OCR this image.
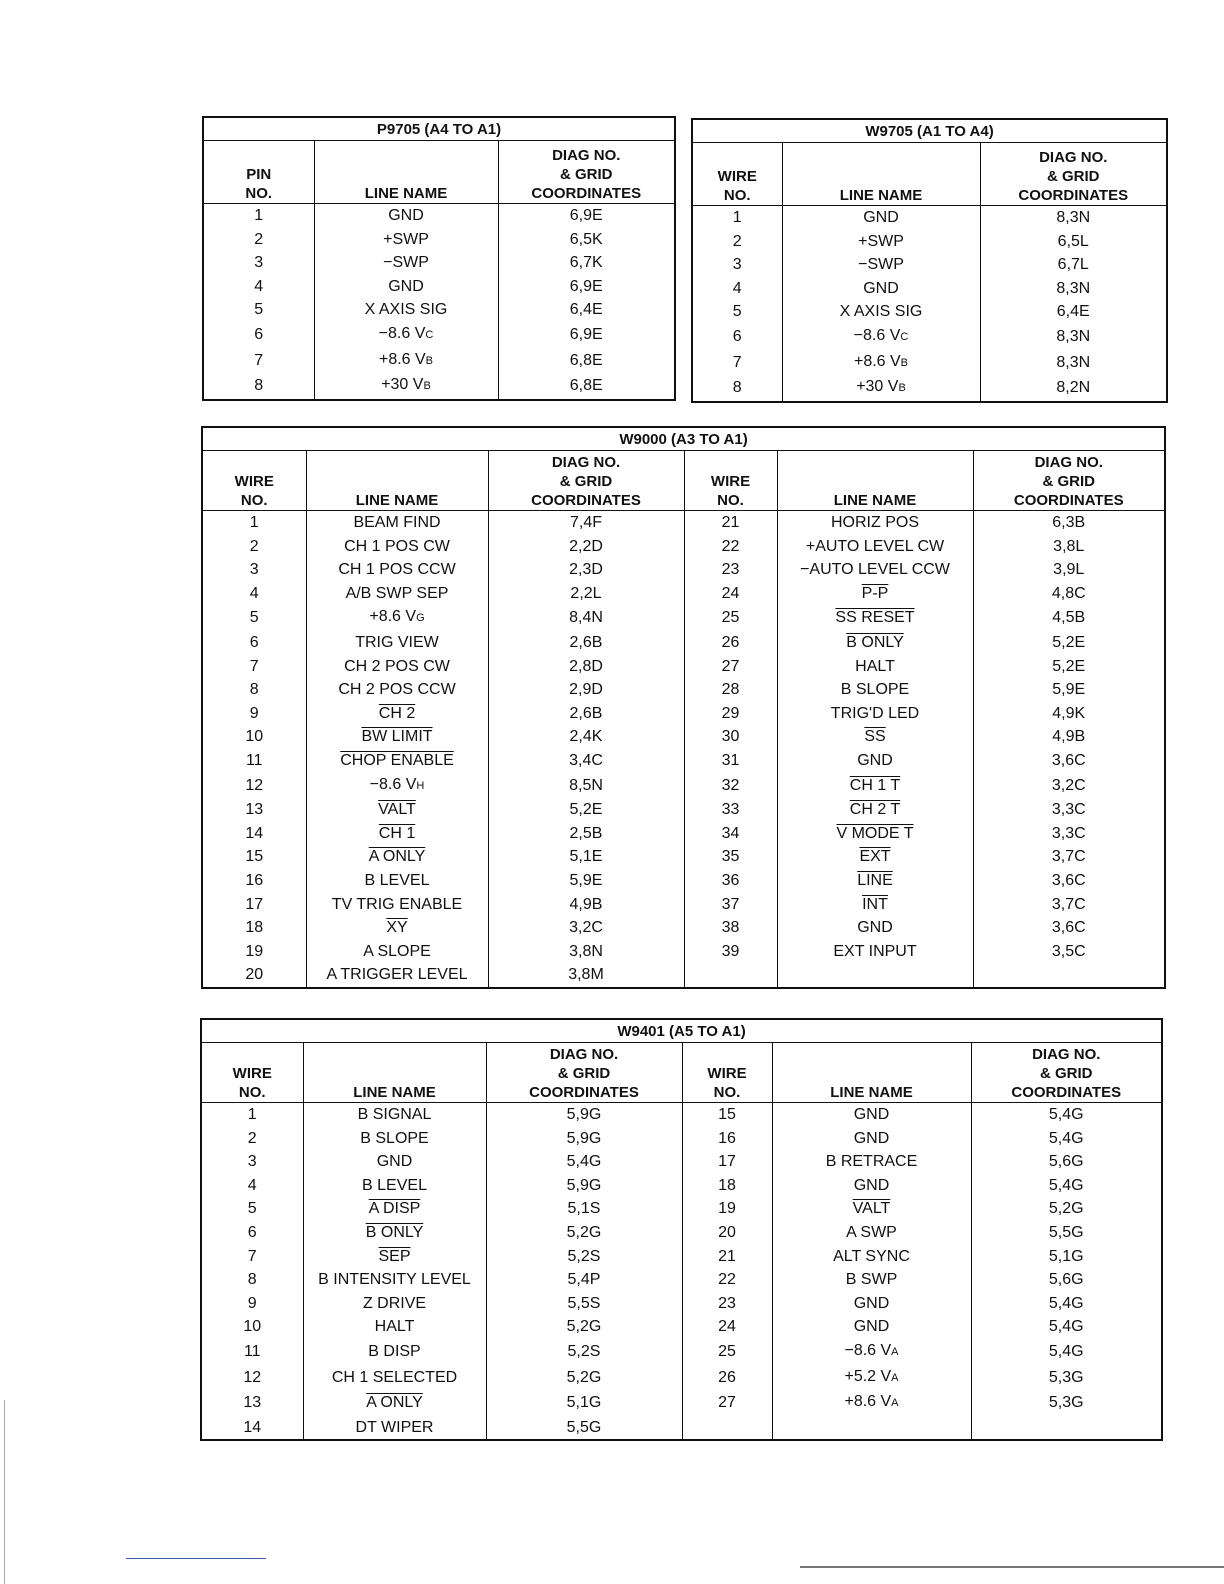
P9705 (A4 TO A1)		
PIN
NO.	LINE NAME	DIAG NO.
& GRID
COORDINATES
1	GND	6,9E
2	+SWP	6,5K
3	−SWP	6,7K
4	GND	6,9E
5	X AXIS SIG	6,4E
6	−8.6 VC	6,9E
7	+8.6 VB	6,8E
8	+30 VB	6,8E
W9705 (A1 TO A4)		
WIRE
NO.	LINE NAME	DIAG NO.
& GRID
COORDINATES
1	GND	8,3N
2	+SWP	6,5L
3	−SWP	6,7L
4	GND	8,3N
5	X AXIS SIG	6,4E
6	−8.6 VC	8,3N
7	+8.6 VB	8,3N
8	+30 VB	8,2N
W9000 (A3 TO A1)					
WIRE
NO.	LINE NAME	DIAG NO.
& GRID
COORDINATES	WIRE
NO.	LINE NAME	DIAG NO.
& GRID
COORDINATES
1	BEAM FIND	7,4F	21	HORIZ POS	6,3B
2	CH 1 POS CW	2,2D	22	+AUTO LEVEL CW	3,8L
3	CH 1 POS CCW	2,3D	23	−AUTO LEVEL CCW	3,9L
4	A/B SWP SEP	2,2L	24	P-P	4,8C
5	+8.6 VG	8,4N	25	SS RESET	4,5B
6	TRIG VIEW	2,6B	26	B ONLY	5,2E
7	CH 2 POS CW	2,8D	27	HALT	5,2E
8	CH 2 POS CCW	2,9D	28	B SLOPE	5,9E
9	CH 2	2,6B	29	TRIG'D LED	4,9K
10	BW LIMIT	2,4K	30	$\overline{SS}$	4,9B
11	CHOP ENABLE	3,4C	31	GND	3,6C
12	−8.6 VH	8,5N	32	CH 1 T	3,2C
13	VALT	5,2E	33	CH 2 T	3,3C
14	CH 1	2,5B	34	V MODE T	3,3C
15	A ONLY	5,1E	35	$\overline{EXT}$	3,7C
16	B LEVEL	5,9E	36	LINE	3,6C
17	TV TRIG ENABLE	4,9B	37	$\overline{INT}$	3,7C
18	$\overline{XY}$	3,2C	38	GND	3,6C
19	A SLOPE	3,8N	39	EXT INPUT	3,5C
20	A TRIGGER LEVEL	3,8M			
W9401 (A5 TO A1)					
WIRE
NO.	LINE NAME	DIAG NO.
& GRID
COORDINATES	WIRE
NO.	LINE NAME	DIAG NO.
& GRID
COORDINATES
1	B SIGNAL	5,9G	15	GND	5,4G
2	B SLOPE	5,9G	16	GND	5,4G
3	GND	5,4G	17	B RETRACE	5,6G
4	B LEVEL	5,9G	18	GND	5,4G
5	A DISP	5,1S	19	VALT	5,2G
6	B ONLY	5,2G	20	A SWP	5,5G
7	$\overline{SEP}$	5,2S	21	ALT SYNC	5,1G
8	B INTENSITY LEVEL	5,4P	22	B SWP	5,6G
9	Z DRIVE	5,5S	23	GND	5,4G
10	HALT	5,2G	24	GND	5,4G
11	B DISP	5,2S	25	−8.6 VA	5,4G
12	CH 1 SELECTED	5,2G	26	+5.2 VA	5,3G
13	A ONLY	5,1G	27	+8.6 VA	5,3G
14	DT WIPER	5,5G			
